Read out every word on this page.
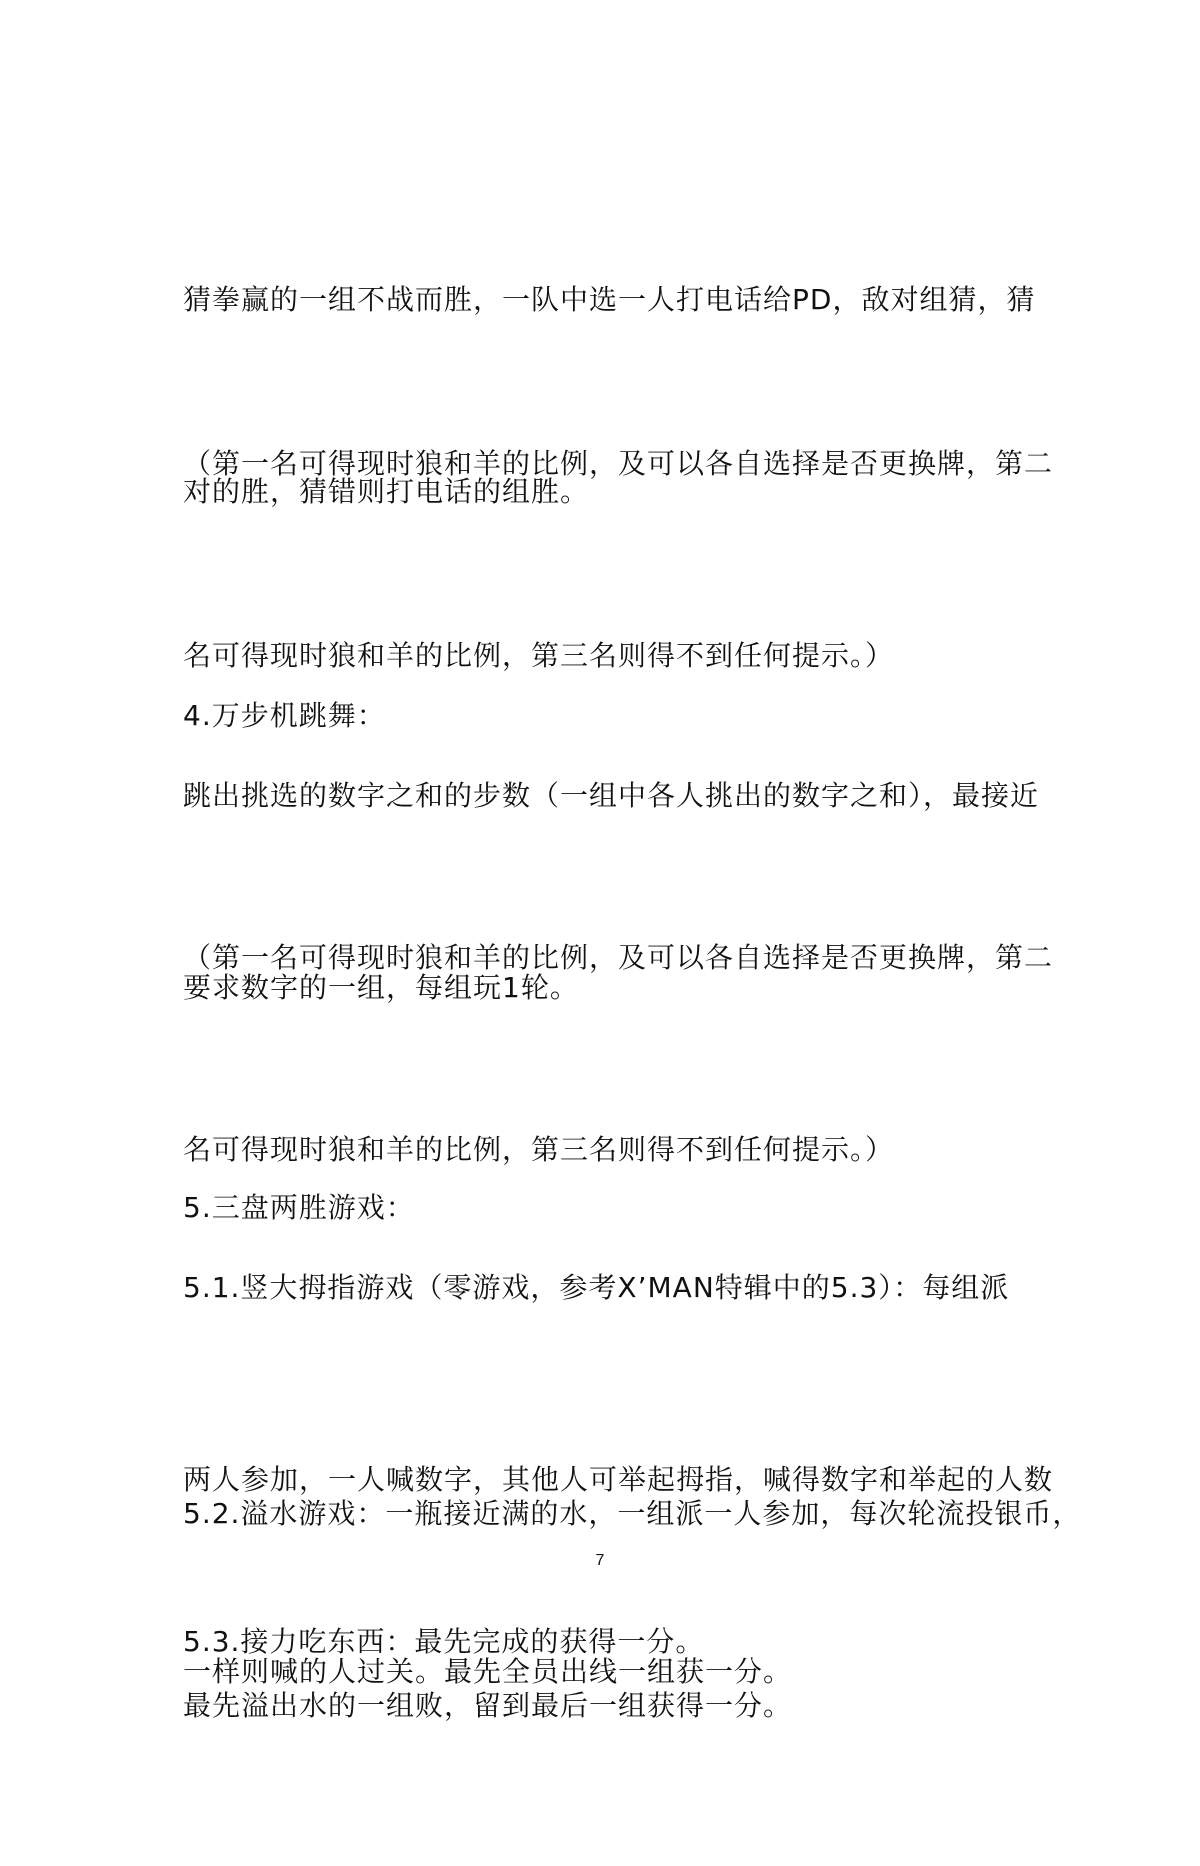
猜拳赢的一组不战而胜，一队中选一人打电话给PD，敌对组猜，猜

对的胜，猜错则打电话的组胜。

（第一名可得现时狼和羊的比例，及可以各自选择是否更换牌，第二

名可得现时狼和羊的比例，第三名则得不到任何提示。）

4.万步机跳舞：

跳出挑选的数字之和的步数（一组中各人挑出的数字之和），最接近

要求数字的一组，每组玩1轮。

（第一名可得现时狼和羊的比例，及可以各自选择是否更换牌，第二

名可得现时狼和羊的比例，第三名则得不到任何提示。）

5.三盘两胜游戏：

5.1.竖大拇指游戏（零游戏，参考X’MAN特辑中的5.3）：每组派

两人参加，一人喊数字，其他人可举起拇指，喊得数字和举起的人数

一样则喊的人过关。最先全员出线一组获一分。

5.2.溢水游戏：一瓶接近满的水，一组派一人参加，每次轮流投银币，

最先溢出水的一组败，留到最后一组获得一分。

5.3.接力吃东西：最先完成的获得一分。

7
